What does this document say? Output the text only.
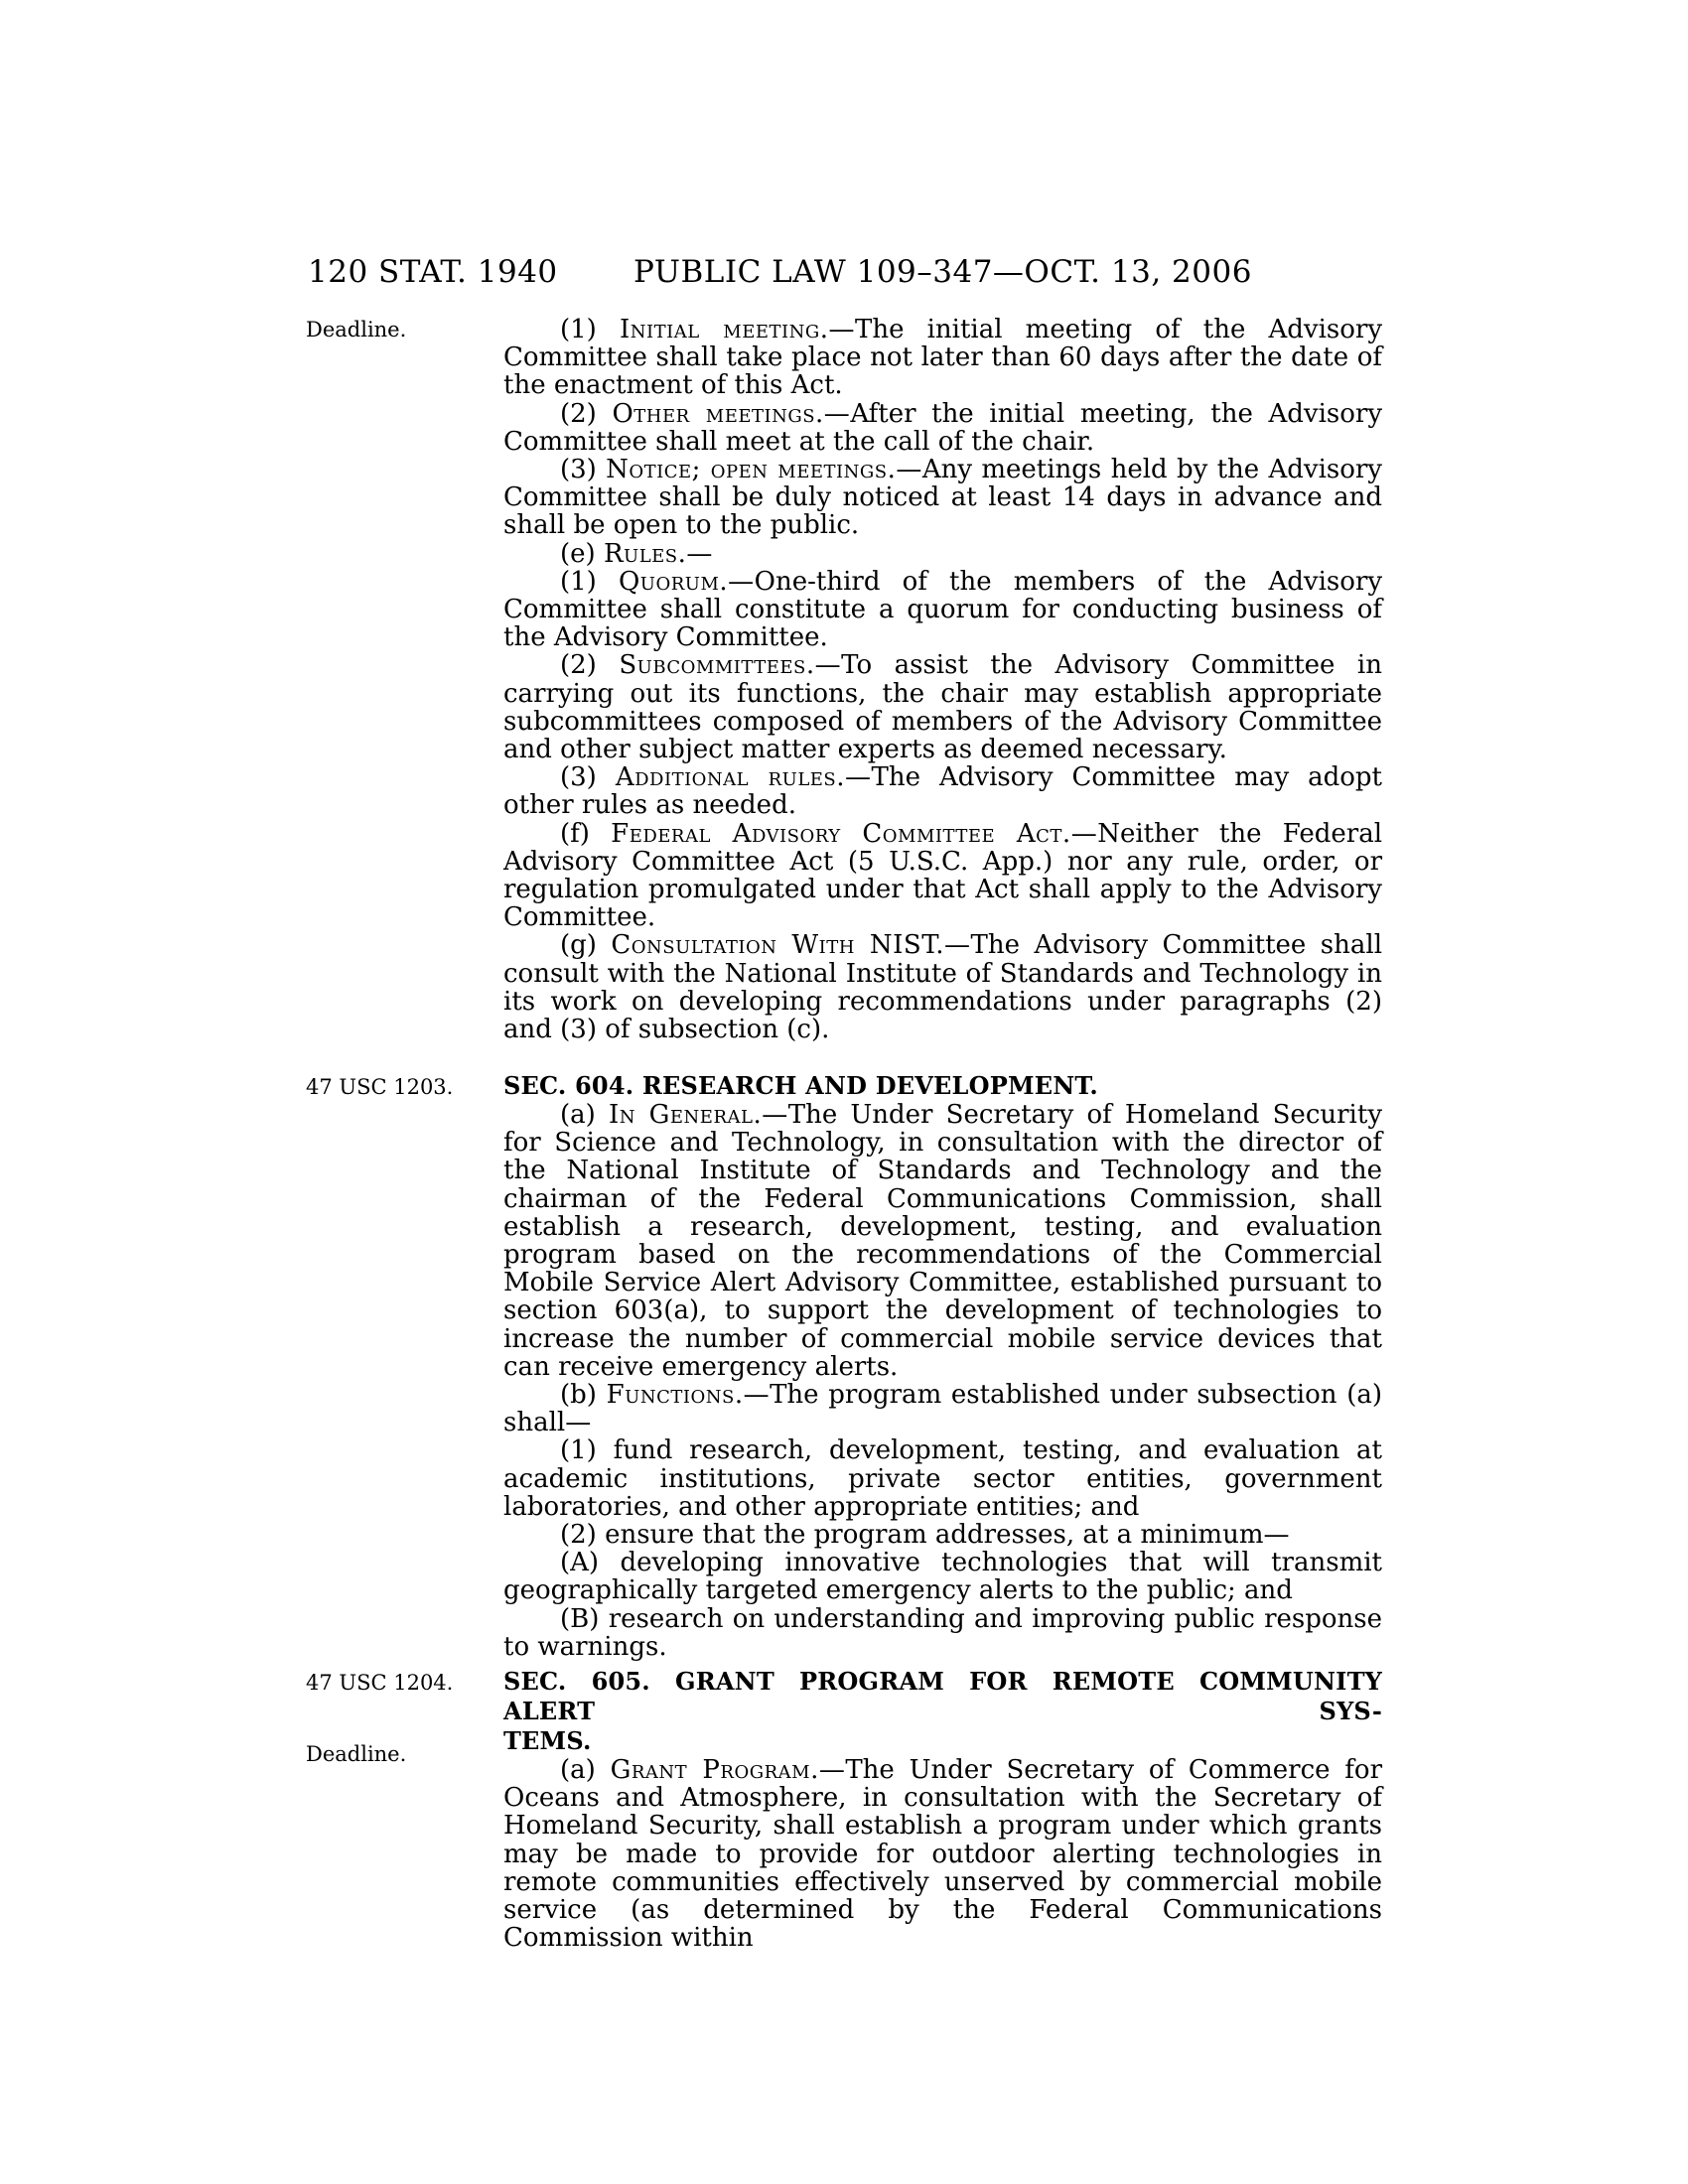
120 STAT. 1940	PUBLIC LAW 109–347—OCT. 13, 2006
Deadline.
47 USC 1203.
47 USC 1204.
Deadline.

(1) Initial meeting.—The initial meeting of the Advisory Committee shall take place not later than 60 days after the date of the enactment of this Act.

(2) Other meetings.—After the initial meeting, the Advisory Committee shall meet at the call of the chair.

(3) Notice; open meetings.—Any meetings held by the Advisory Committee shall be duly noticed at least 14 days in advance and shall be open to the public.

(e) Rules.—

(1) Quorum.—One-third of the members of the Advisory Committee shall constitute a quorum for conducting business of the Advisory Committee.

(2) Subcommittees.—To assist the Advisory Committee in carrying out its functions, the chair may establish appropriate subcommittees composed of members of the Advisory Committee and other subject matter experts as deemed necessary.

(3) Additional rules.—The Advisory Committee may adopt other rules as needed.

(f) Federal Advisory Committee Act.—Neither the Federal Advisory Committee Act (5 U.S.C. App.) nor any rule, order, or regulation promulgated under that Act shall apply to the Advisory Committee.

(g) Consultation With NIST.—The Advisory Committee shall consult with the National Institute of Standards and Technology in its work on developing recommendations under paragraphs (2) and (3) of subsection (c).

SEC. 604. RESEARCH AND DEVELOPMENT.

(a) In General.—The Under Secretary of Homeland Security for Science and Technology, in consultation with the director of the National Institute of Standards and Technology and the chairman of the Federal Communications Commission, shall establish a research, development, testing, and evaluation program based on the recommendations of the Commercial Mobile Service Alert Advisory Committee, established pursuant to section 603(a), to support the development of technologies to increase the number of commercial mobile service devices that can receive emergency alerts.

(b) Functions.—The program established under subsection (a) shall—

(1) fund research, development, testing, and evaluation at academic institutions, private sector entities, government laboratories, and other appropriate entities; and

(2) ensure that the program addresses, at a minimum—

(A) developing innovative technologies that will transmit geographically targeted emergency alerts to the public; and

(B) research on understanding and improving public response to warnings.

SEC. 605. GRANT PROGRAM FOR REMOTE COMMUNITY ALERT SYS-

TEMS.

(a) Grant Program.—The Under Secretary of Commerce for Oceans and Atmosphere, in consultation with the Secretary of Homeland Security, shall establish a program under which grants may be made to provide for outdoor alerting technologies in remote communities effectively unserved by commercial mobile service (as determined by the Federal Communications Commission within
